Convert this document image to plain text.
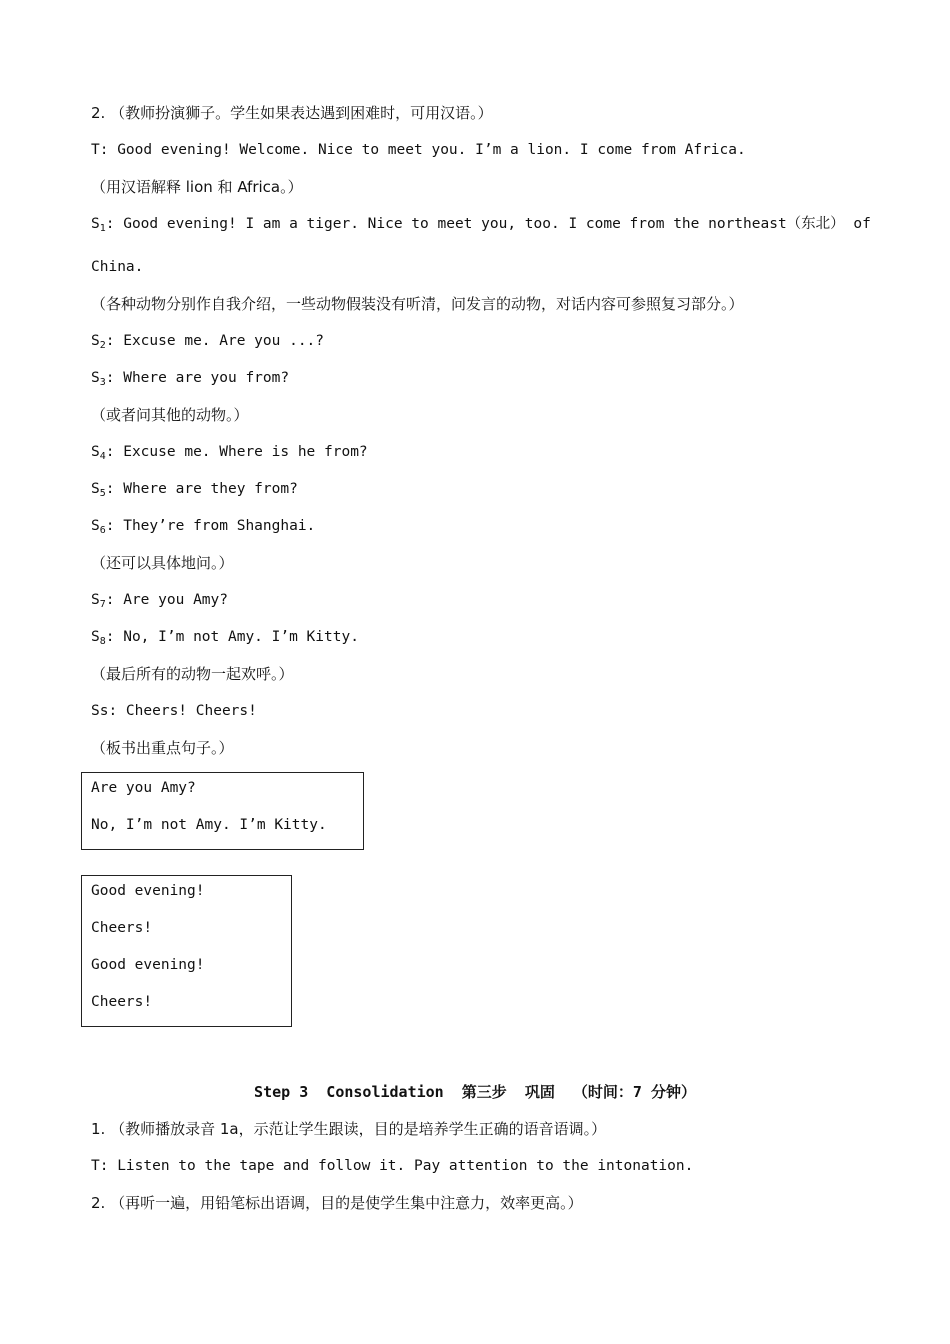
2. （教师扮演狮子。学生如果表达遇到困难时，可用汉语。）
T: Good evening! Welcome. Nice to meet you. I’m a lion. I come from Africa.
（用汉语解释 lion 和 Africa。）
$S_1$: Good evening! I am a tiger. Nice to meet you, too. I come from the northeast（东北） of
China.
（各种动物分别作自我介绍，一些动物假装没有听清，问发言的动物，对话内容可参照复习部分。）
$S_2$: Excuse me. Are you ...?
$S_3$: Where are you from?
（或者问其他的动物。）
$S_4$: Excuse me. Where is he from?
$S_5$: Where are they from?
$S_6$: They’re from Shanghai.
（还可以具体地问。）
$S_7$: Are you Amy?
$S_8$: No, I’m not Amy. I’m Kitty.
（最后所有的动物一起欢呼。）
Ss: Cheers! Cheers!
（板书出重点句子。）
Are you Amy?
No, I’m not Amy. I’m Kitty.
Good evening!
Cheers!
Good evening!
Cheers!
Step 3  Consolidation  第三步  巩固  （时间：7 分钟）
1. （教师播放录音 1a，示范让学生跟读，目的是培养学生正确的语音语调。）
T: Listen to the tape and follow it. Pay attention to the intonation.
2. （再听一遍，用铅笔标出语调，目的是使学生集中注意力，效率更高。）
